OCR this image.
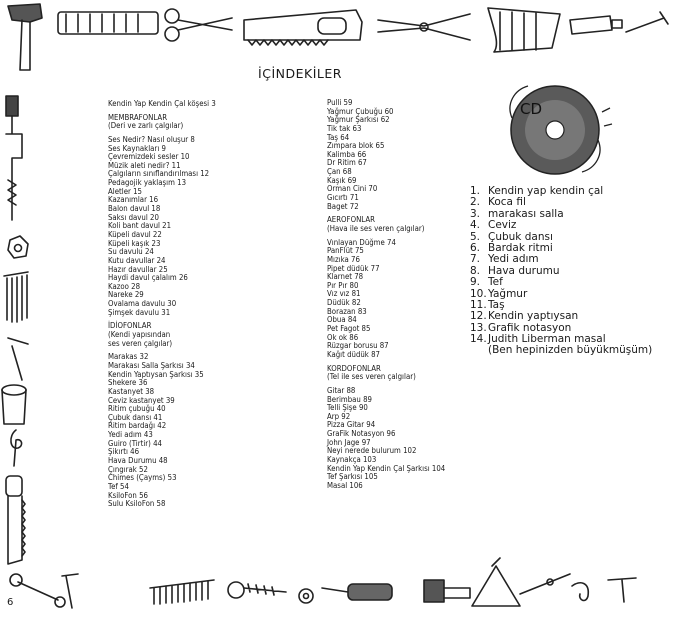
CD
İÇİNDEKİLER
Kendin Yap Kendin Çal köşesi 3
MEMBRAFONLAR
(Deri ve zarlı çalgılar)
Ses Nedir? Nasıl oluşur 8
Ses Kaynakları 9
Çevremizdeki sesler 10
Müzik aleti nedir? 11
Çalgıların sınıflandırılması 12
Pedagojik yaklaşım 13
Aletler 15
Kazanımlar 16
Balon davul 18
Saksı davul 20
Koli bant davul 21
Küpeli davul 22
Küpeli kaşık 23
Su davulu 24
Kutu davullar 24
Hazır davullar 25
Haydi davul çalalım 26
Kazoo 28
Nareke 29
Ovalama davulu 30
Şimşek davulu 31
İDİOFONLAR
(Kendi yapısından
ses veren çalgılar)
Marakas 32
Marakası Salla Şarkısı 34
Kendin Yaptıysan Şarkısı 35
Shekere 36
Kastanyet 38
Ceviz kastanyet 39
Ritim çubuğu 40
Çubuk dansı 41
Ritim bardağı 42
Yedi adım 43
Guiro (Tirtir) 44
Şikırtı 46
Hava Durumu 48
Çıngırak 52
Chimes (Çayms) 53
Tef 54
KsiloFon 56
Sulu KsiloFon 58
Pulli 59
Yağmur Çubuğu 60
Yağmur Şarkısı 62
Tik tak 63
Taş 64
Zımpara blok 65
Kalimba 66
Dr Ritim 67
Çan 68
Kaşık 69
Orman Cini 70
Gıcırtı 71
Baget 72
AEROFONLAR
(Hava ile ses veren çalgılar)
Vınlayan Düğme 74
PanFlüt 75
Mızıka 76
Pipet düdük 77
Klarnet 78
Pır Pır 80
Vız vız 81
Düdük 82
Borazan 83
Obua 84
Pet Fagot 85
Ok ok 86
Rüzgar borusu 87
Kağıt düdük 87
KORDOFONLAR
(Tel ile ses veren çalgılar)
Gitar 88
Berimbau 89
Telli Şişe 90
Arp 92
Pizza Gitar 94
GraFik Notasyon 96
John Jage 97
Neyi nerede bulurum 102
Kaynakça 103
Kendin Yap Kendin Çal Şarkısı 104
Tef Şarkısı 105
Masal 106
1. Kendin yap kendin çal
2. Koca fil
3. marakası salla
4. Ceviz
5. Çubuk dansı
6. Bardak ritmi
7. Yedi adım
8. Hava durumu
9. Tef
10. Yağmur
11. Taş
12. Kendin yaptıysan
13. Grafik notasyon
14. Judith Liberman masal
(Ben hepinizden büyükmüşüm)
6
